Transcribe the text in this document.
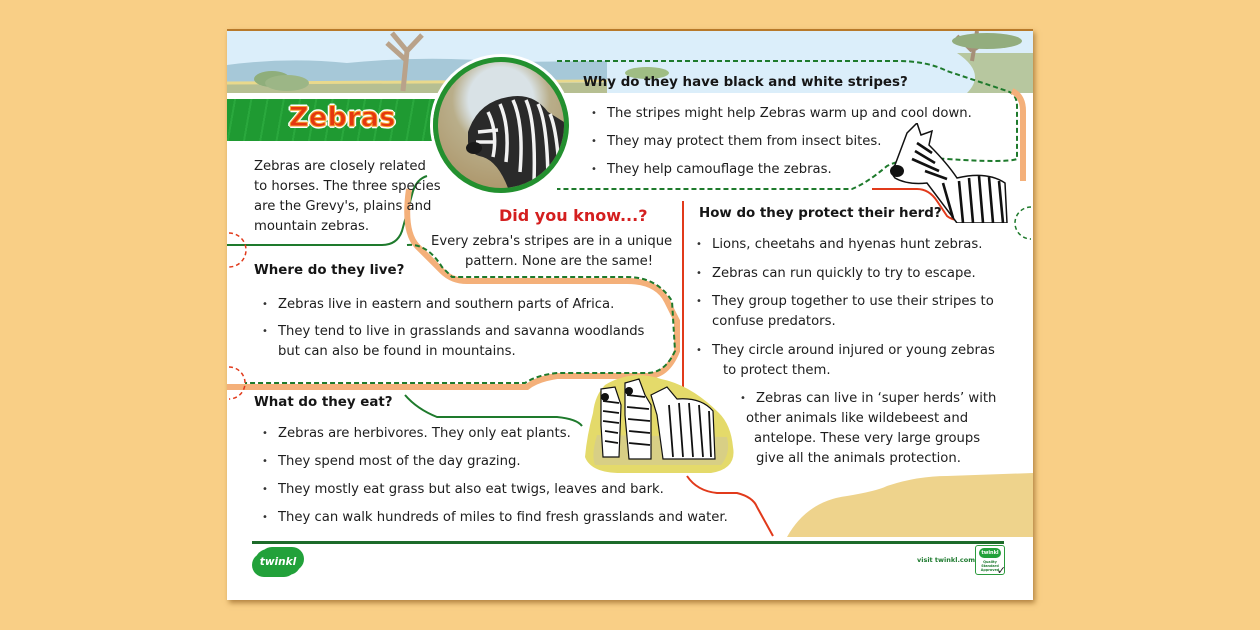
Zebras
Zebras are closely related
to horses. The three species
are the Grevy's, plains and
mountain zebras.
Why do they have black and white stripes?
• The stripes might help Zebras warm up and cool down.
• They may protect them from insect bites.
• They help camouflage the zebras.
Did you know...?
Every zebra's stripes are in a unique
pattern. None are the same!
Where do they live?
• Zebras live in eastern and southern parts of Africa.
• They tend to live in grasslands and savanna woodlands
but can also be found in mountains.
What do they eat?
• Zebras are herbivores. They only eat plants.
• They spend most of the day grazing.
• They mostly eat grass but also eat twigs, leaves and bark.
• They can walk hundreds of miles to find fresh grasslands and water.
How do they protect their herd?
• Lions, cheetahs and hyenas hunt zebras.
• Zebras can run quickly to try to escape.
• They group together to use their stripes to
confuse predators.
• They circle around injured or young zebras
to protect them.
• Zebras can live in ‘super herds’ with
other animals like wildebeest and
antelope. These very large groups
give all the animals protection.
twinkl	visit twinkl.com
twinkl
Quality Standard Approved
✓
